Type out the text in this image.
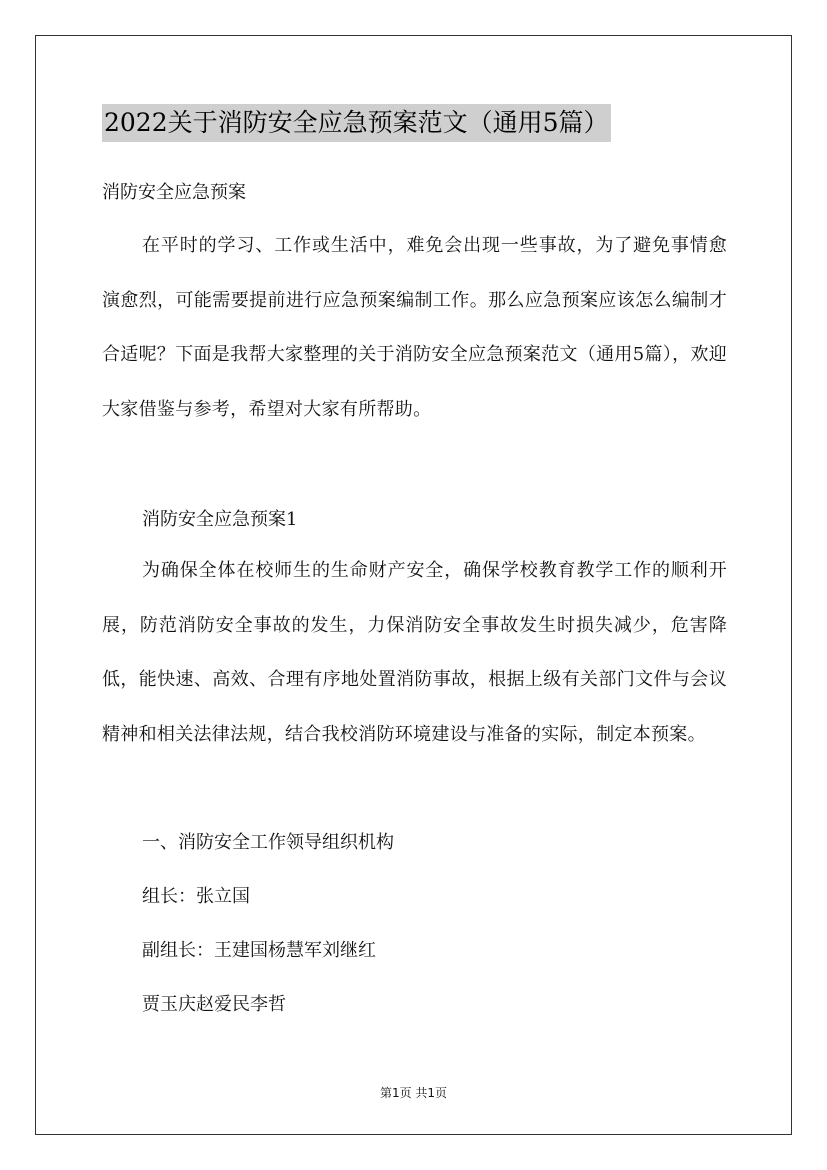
2022关于消防安全应急预案范文（通用5篇）
消防安全应急预案
在平时的学习、工作或生活中，难免会出现一些事故，为了避免事情愈演愈烈，可能需要提前进行应急预案编制工作。那么应急预案应该怎么编制才合适呢？下面是我帮大家整理的关于消防安全应急预案范文（通用5篇），欢迎大家借鉴与参考，希望对大家有所帮助。
消防安全应急预案1
为确保全体在校师生的生命财产安全，确保学校教育教学工作的顺利开展，防范消防安全事故的发生，力保消防安全事故发生时损失减少，危害降低，能快速、高效、合理有序地处置消防事故，根据上级有关部门文件与会议精神和相关法律法规，结合我校消防环境建设与准备的实际，制定本预案。
一、消防安全工作领导组织机构
组长：张立国
副组长：王建国杨慧军刘继红
贾玉庆赵爱民李哲
第1页 共1页
